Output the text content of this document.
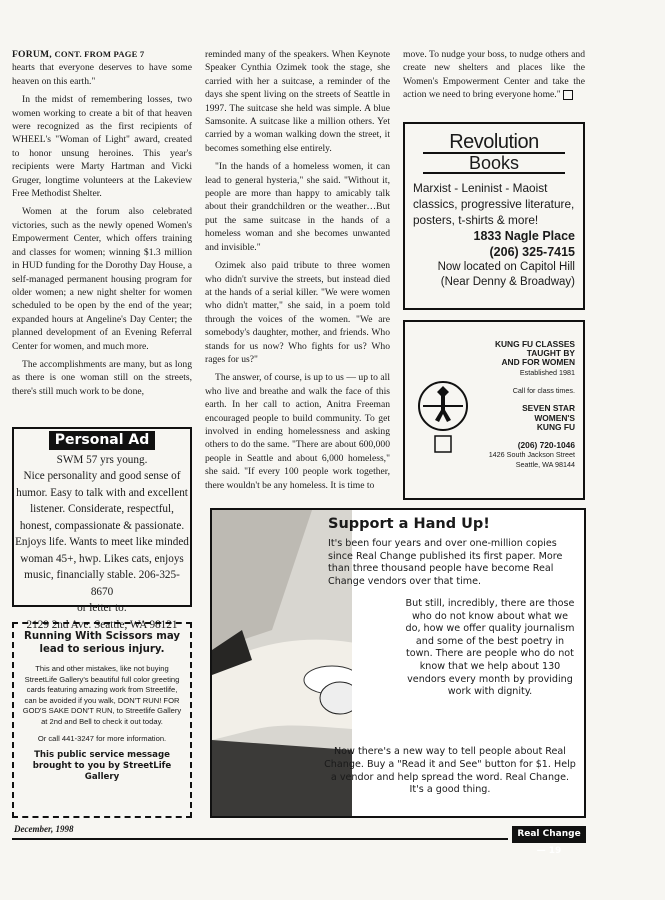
FORUM, CONT. FROM PAGE 7

hearts that everyone deserves to have some heaven on this earth."

In the midst of remembering losses, two women working to create a bit of that heaven were recognized as the first recipients of WHEEL's "Woman of Light" award, created to honor unsung heroines. This year's recipients were Marty Hartman and Vicki Gruger, longtime volunteers at the Lakeview Free Methodist Shelter.

Women at the forum also celebrated victories, such as the newly opened Women's Empowerment Center, which offers training and classes for women; winning $1.3 million in HUD funding for the Dorothy Day House, a self-managed permanent housing program for older women; a new night shelter for women scheduled to be open by the end of the year; expanded hours at Angeline's Day Center; the planned development of an Evening Referral Center for women, and much more.

The accomplishments are many, but as long as there is one woman still on the streets, there's still much work to be done,

reminded many of the speakers. When Keynote Speaker Cynthia Ozimek took the stage, she carried with her a suitcase, a reminder of the days she spent living on the streets of Seattle in 1997. The suitcase she held was simple. A blue Samsonite. A suitcase like a million others. Yet carried by a woman walking down the street, it becomes something else entirely.

"In the hands of a homeless women, it can lead to general hysteria," she said. "Without it, people are more than happy to amicably talk about their grandchildren or the weather…But put the same suitcase in the hands of a homeless woman and she becomes unwanted and invisible."

Ozimek also paid tribute to three women who didn't survive the streets, but instead died at the hands of a serial killer. "We were women who didn't matter," she said, in a poem told through the voices of the women. "We are somebody's daughter, mother, and friends. Who stands for us now? Who fights for us? Who rages for us?"

The answer, of course, is up to us — up to all who live and breathe and walk the face of this earth. In her call to action, Anitra Freeman encouraged people to build community. To get involved in ending homelessness and asking others to do the same. "There are about 600,000 people in Seattle and about 6,000 homeless," she said. "If every 100 people work together, there wouldn't be any homeless. It is time to

move. To nudge your boss, to nudge others and create new shelters and places like the Women's Empowerment Center and take the action we need to bring everyone home."

Personal Ad
SWM 57 yrs young.
Nice personality and good sense of humor. Easy to talk with and excellent listener. Considerate, respectful, honest, compassionate & passionate. Enjoys life. Wants to meet like minded woman 45+, hwp. Likes cats, enjoys music, financially stable. 206-325-8670
or letter to:
2129 2nd Ave. Seattle, WA 98121
Running With Scissors may lead to serious injury.

This and other mistakes, like not buying StreetLife Gallery's beautiful full color greeting cards featuring amazing work from Streetlife, can be avoided if you walk, DON'T RUN! FOR GOD'S SAKE DON'T RUN, to Streetlife Gallery at 2nd and Bell to check it out today.

Or call 441-3247 for more information.

This public service message brought to you by StreetLife Gallery
Revolution
Books
Marxist - Leninist - Maoist classics, progressive literature, posters, t-shirts & more!
1833 Nagle Place
(206) 325-7415
Now located on Capitol Hill
(Near Denny & Broadway)
KUNG FU CLASSES
TAUGHT BY
AND FOR WOMEN
Established 1981

Call for class times.

SEVEN STAR
WOMEN'S
KUNG FU

(206) 720-1046
1426 South Jackson Street
Seattle, WA 98144
Support a Hand Up!
It's been four years and over one-million copies since Real Change published its first paper. More than three thousand people have become Real Change vendors over that time.
But still, incredibly, there are those who do not know about what we do, how we offer quality journalism and some of the best poetry in town. There are people who do not know that we help about 130 vendors every month by providing work with dignity.
Now there's a new way to tell people about Real Change. Buy a "Read it and See" button for $1. Help a vendor and help spread the word. Real Change. It's a good thing.
December, 1998	Real Change — 19
